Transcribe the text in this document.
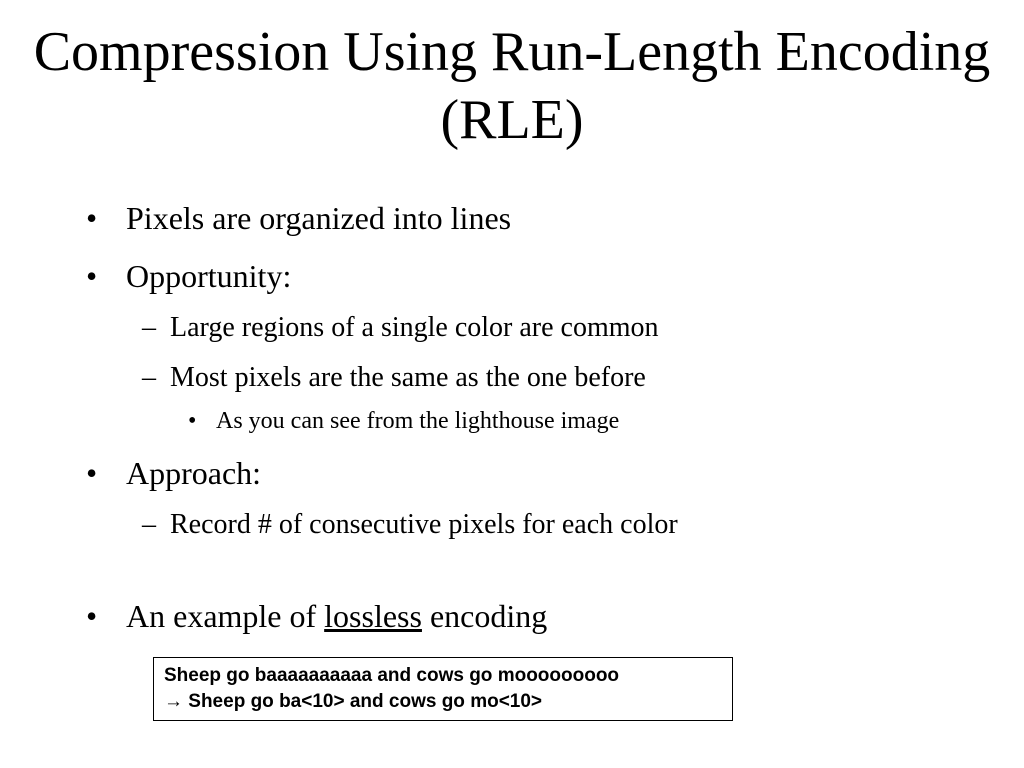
Compression Using Run-Length Encoding (RLE)
• Pixels are organized into lines
• Opportunity:
– Large regions of a single color are common
– Most pixels are the same as the one before
• As you can see from the lighthouse image
• Approach:
– Record # of consecutive pixels for each color
• An example of lossless encoding
Sheep go baaaaaaaaaa and cows go mooooooooo
→ Sheep go ba<10> and cows go mo<10>
